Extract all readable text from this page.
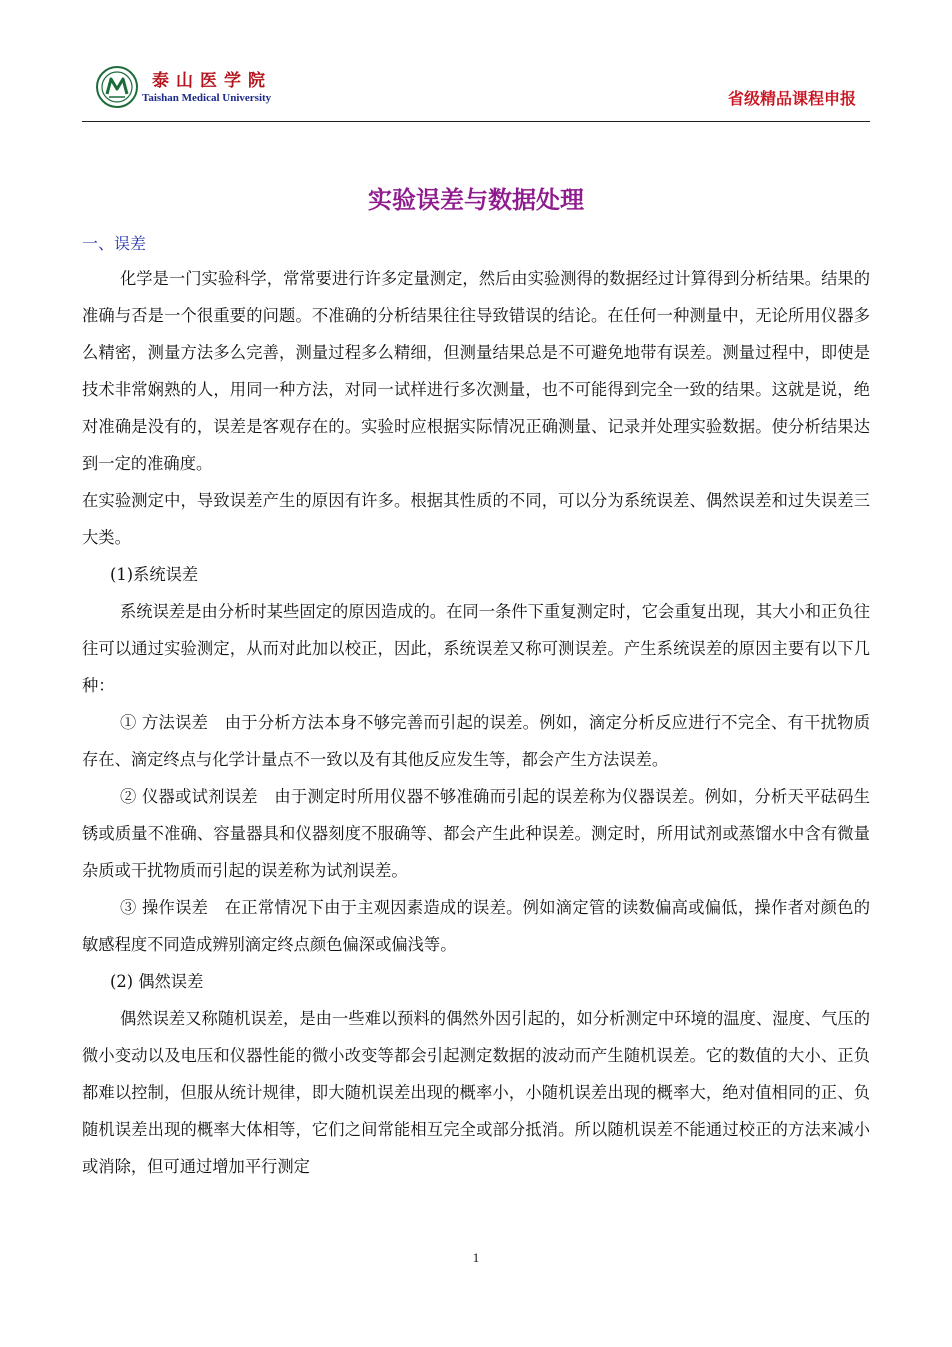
泰山医学院
Taishan Medical University	省级精品课程申报
实验误差与数据处理
一、误差

化学是一门实验科学，常常要进行许多定量测定，然后由实验测得的数据经过计算得到分析结果。结果的准确与否是一个很重要的问题。不准确的分析结果往往导致错误的结论。在任何一种测量中，无论所用仪器多么精密，测量方法多么完善，测量过程多么精细，但测量结果总是不可避免地带有误差。测量过程中，即使是技术非常娴熟的人，用同一种方法，对同一试样进行多次测量，也不可能得到完全一致的结果。这就是说，绝对准确是没有的，误差是客观存在的。实验时应根据实际情况正确测量、记录并处理实验数据。使分析结果达到一定的准确度。

在实验测定中，导致误差产生的原因有许多。根据其性质的不同，可以分为系统误差、偶然误差和过失误差三大类。

(1)系统误差

系统误差是由分析时某些固定的原因造成的。在同一条件下重复测定时，它会重复出现，其大小和正负往往可以通过实验测定，从而对此加以校正，因此，系统误差又称可测误差。产生系统误差的原因主要有以下几种：

① 方法误差　由于分析方法本身不够完善而引起的误差。例如，滴定分析反应进行不完全、有干扰物质存在、滴定终点与化学计量点不一致以及有其他反应发生等，都会产生方法误差。

② 仪器或试剂误差　由于测定时所用仪器不够准确而引起的误差称为仪器误差。例如，分析天平砝码生锈或质量不准确、容量器具和仪器刻度不服确等、都会产生此种误差。测定时，所用试剂或蒸馏水中含有微量杂质或干扰物质而引起的误差称为试剂误差。

③ 操作误差　在正常情况下由于主观因素造成的误差。例如滴定管的读数偏高或偏低，操作者对颜色的敏感程度不同造成辨别滴定终点颜色偏深或偏浅等。

(2) 偶然误差

偶然误差又称随机误差，是由一些难以预料的偶然外因引起的，如分析测定中环境的温度、湿度、气压的微小变动以及电压和仪器性能的微小改变等都会引起测定数据的波动而产生随机误差。它的数值的大小、正负都难以控制，但服从统计规律，即大随机误差出现的概率小，小随机误差出现的概率大，绝对值相同的正、负随机误差出现的概率大体相等，它们之间常能相互完全或部分抵消。所以随机误差不能通过校正的方法来减小或消除，但可通过增加平行测定

1
